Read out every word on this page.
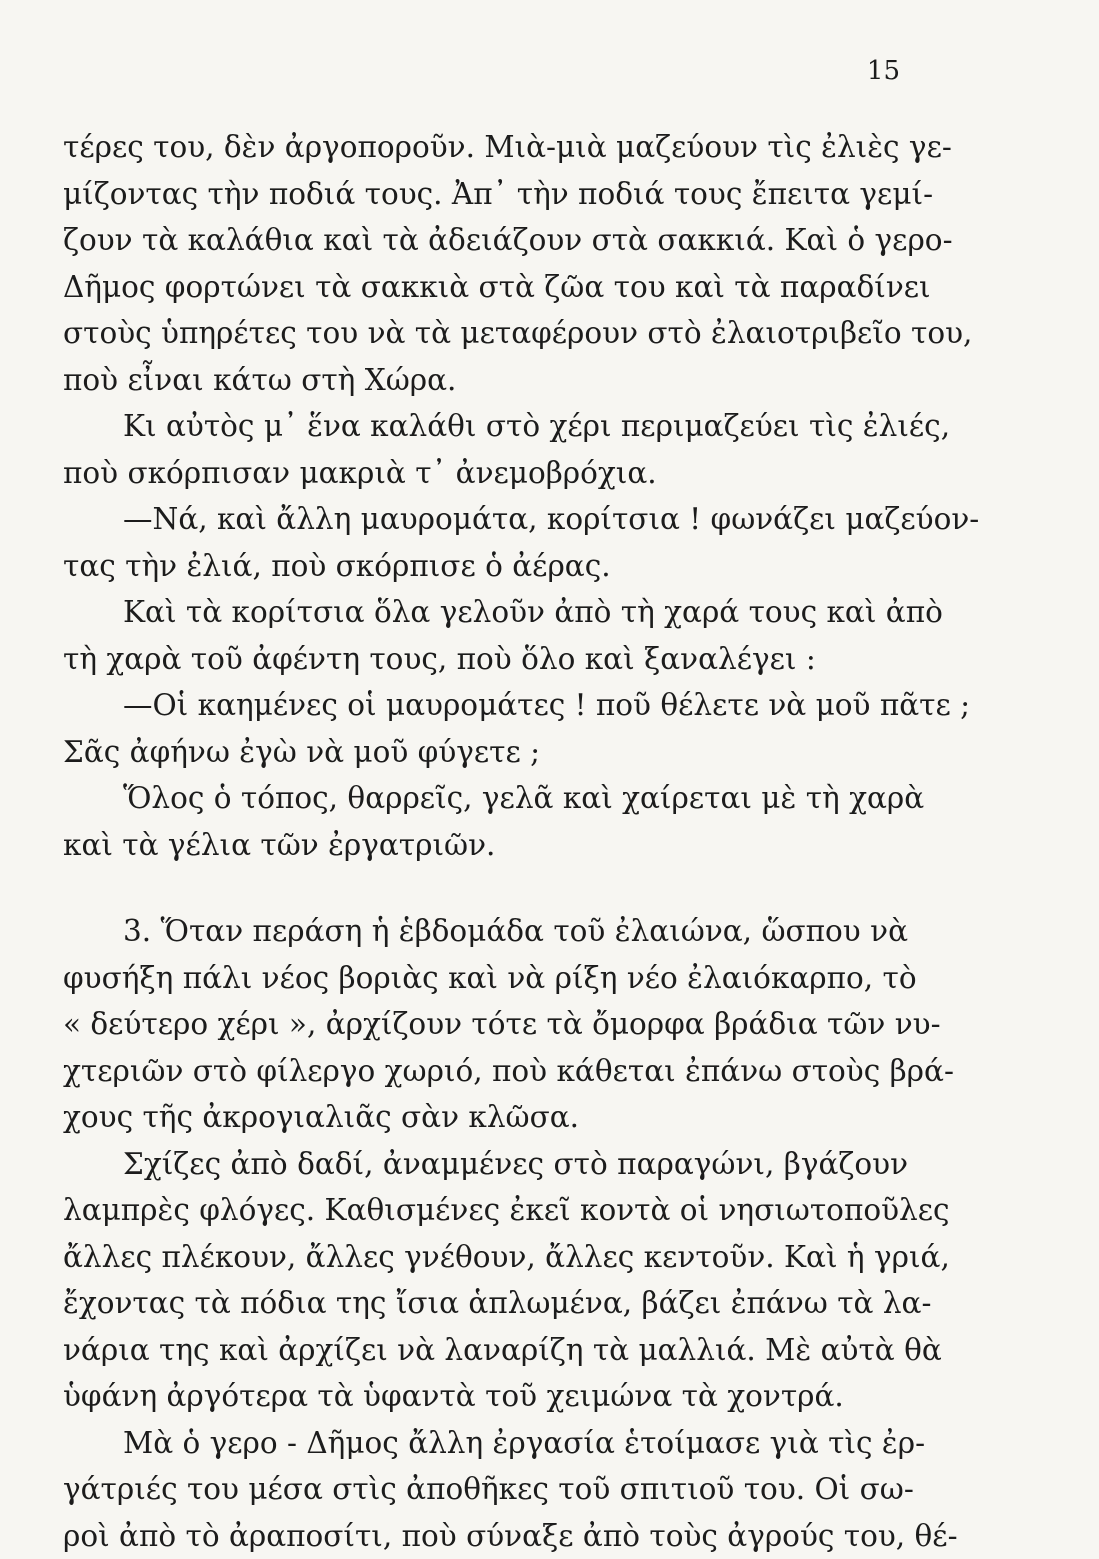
15
τέρες του, δὲν ἀργοποροῦν. Μιὰ-μιὰ μαζεύουν τὶς ἐλιὲς γε-
μίζοντας τὴν ποδιά τους. Ἀπ᾽ τὴν ποδιά τους ἔπειτα γεμί-
ζουν τὰ καλάθια καὶ τὰ ἀδειάζουν στὰ σακκιά. Καὶ ὁ γερο-
Δῆμος φορτώνει τὰ σακκιὰ στὰ ζῶα του καὶ τὰ παραδίνει
στοὺς ὑπηρέτες του νὰ τὰ μεταφέρουν στὸ ἐλαιοτριβεῖο του,
ποὺ εἶναι κάτω στὴ Χώρα.
Κι αὐτὸς μ᾽ ἕνα καλάθι στὸ χέρι περιμαζεύει τὶς ἐλιές,
ποὺ σκόρπισαν μακριὰ τ᾽ ἀνεμοβρόχια.
—Νά, καὶ ἄλλη μαυρομάτα, κορίτσια ! φωνάζει μαζεύον-
τας τὴν ἐλιά, ποὺ σκόρπισε ὁ ἀέρας.
Καὶ τὰ κορίτσια ὅλα γελοῦν ἀπὸ τὴ χαρά τους καὶ ἀπὸ
τὴ χαρὰ τοῦ ἀφέντη τους, ποὺ ὅλο καὶ ξαναλέγει :
—Οἱ καημένες οἱ μαυρομάτες ! ποῦ θέλετε νὰ μοῦ πᾶτε ;
Σᾶς ἀφήνω ἐγὼ νὰ μοῦ φύγετε ;
Ὅλος ὁ τόπος, θαρρεῖς, γελᾶ καὶ χαίρεται μὲ τὴ χαρὰ
καὶ τὰ γέλια τῶν ἐργατριῶν.
3. Ὅταν περάση ἡ ἑβδομάδα τοῦ ἐλαιώνα, ὥσπου νὰ
φυσήξη πάλι νέος βοριὰς καὶ νὰ ρίξη νέο ἐλαιόκαρπο, τὸ
« δεύτερο χέρι », ἀρχίζουν τότε τὰ ὄμορφα βράδια τῶν νυ-
χτεριῶν στὸ φίλεργο χωριό, ποὺ κάθεται ἐπάνω στοὺς βρά-
χους τῆς ἀκρογιαλιᾶς σὰν κλῶσα.
Σχίζες ἀπὸ δαδί, ἀναμμένες στὸ παραγώνι, βγάζουν
λαμπρὲς φλόγες. Καθισμένες ἐκεῖ κοντὰ οἱ νησιωτοποῦλες
ἄλλες πλέκουν, ἄλλες γνέθουν, ἄλλες κεντοῦν. Καὶ ἡ γριά,
ἔχοντας τὰ πόδια της ἴσια ἁπλωμένα, βάζει ἐπάνω τὰ λα-
νάρια της καὶ ἀρχίζει νὰ λαναρίζη τὰ μαλλιά. Μὲ αὐτὰ θὰ
ὑφάνη ἀργότερα τὰ ὑφαντὰ τοῦ χειμώνα τὰ χοντρά.
Μὰ ὁ γερο - Δῆμος ἄλλη ἐργασία ἑτοίμασε γιὰ τὶς ἐρ-
γάτριές του μέσα στὶς ἀποθῆκες τοῦ σπιτιοῦ του. Οἱ σω-
ροὶ ἀπὸ τὸ ἀραποσίτι, ποὺ σύναξε ἀπὸ τοὺς ἀγρούς του, θέ-
